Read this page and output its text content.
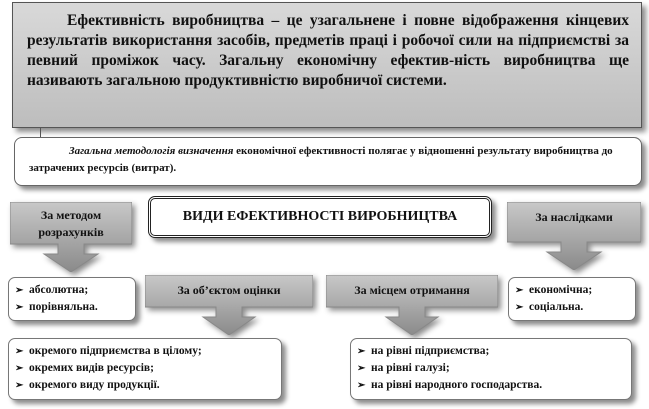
Ефективність виробництва – це узагальнене і повне відображення кінцевих результатів використання засобів, предметів праці і робочої сили на підприємстві за певний проміжок часу. Загальну економічну ефектив-ність виробництва ще називають загальною продуктивністю виробничої системи.
Загальна методологія визначення економічної ефективності полягає у відношенні результату виробництва до затрачених ресурсів (витрат).
ВИДИ ЕФЕКТИВНОСТІ ВИРОБНИЦТВА
За методом
розрахунків
За наслідками
За об’єктом оцінки	За місцем отримання
➢ абсолютна;
➢ порівняльна.
➢ економічна;
➢ соціальна.
➢ окремого підприємства в цілому;
➢ окремих видів ресурсів;
➢ окремого виду продукції.
➢ на рівні підприємства;
➢ на рівні галузі;
➢ на рівні народного господарства.
